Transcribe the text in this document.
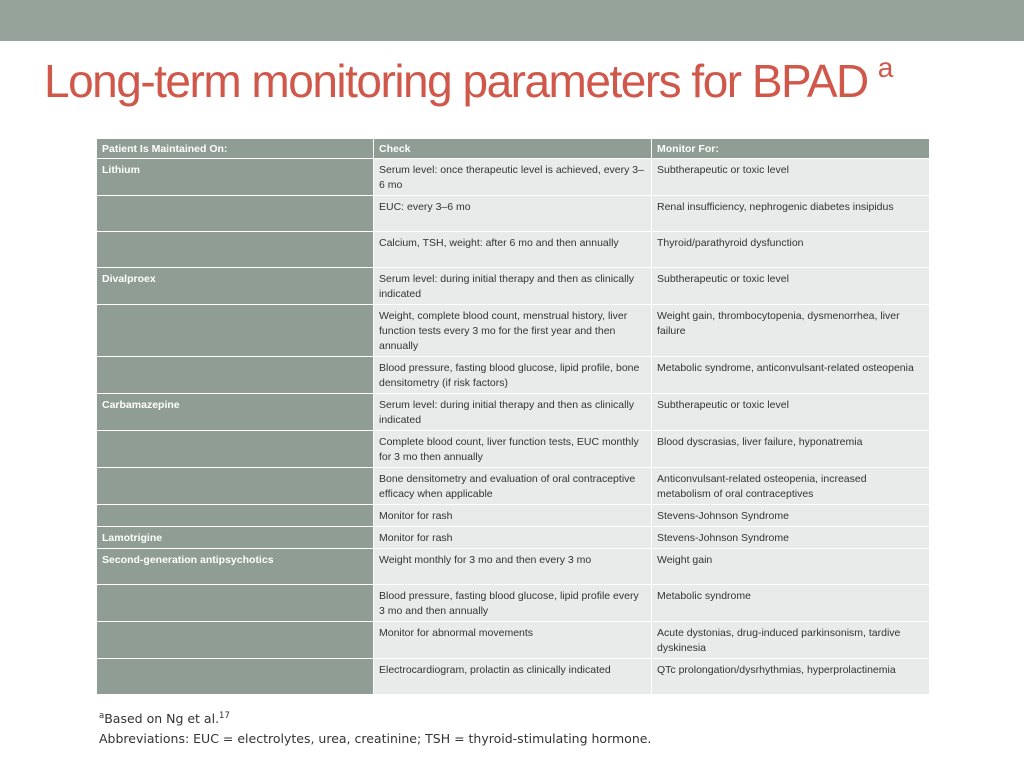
Long-term monitoring parameters for BPAD $^a$
Patient Is Maintained On:	Check	Monitor For:
Lithium	Serum level: once therapeutic level is achieved, every 3–6 mo	Subtherapeutic or toxic level
	EUC: every 3–6 mo	Renal insufficiency, nephrogenic diabetes insipidus
	Calcium, TSH, weight: after 6 mo and then annually	Thyroid/parathyroid dysfunction
Divalproex	Serum level: during initial therapy and then as clinically indicated	Subtherapeutic or toxic level
	Weight, complete blood count, menstrual history, liver function tests every 3 mo for the first year and then annually	Weight gain, thrombocytopenia, dysmenorrhea, liver failure
	Blood pressure, fasting blood glucose, lipid profile, bone densitometry (if risk factors)	Metabolic syndrome, anticonvulsant-related osteopenia
Carbamazepine	Serum level: during initial therapy and then as clinically indicated	Subtherapeutic or toxic level
	Complete blood count, liver function tests, EUC monthly for 3 mo then annually	Blood dyscrasias, liver failure, hyponatremia
	Bone densitometry and evaluation of oral contraceptive efficacy when applicable	Anticonvulsant-related osteopenia, increased metabolism of oral contraceptives
	Monitor for rash	Stevens-Johnson Syndrome
Lamotrigine	Monitor for rash	Stevens-Johnson Syndrome
Second-generation antipsychotics	Weight monthly for 3 mo and then every 3 mo	Weight gain
	Blood pressure, fasting blood glucose, lipid profile every 3 mo and then annually	Metabolic syndrome
	Monitor for abnormal movements	Acute dystonias, drug-induced parkinsonism, tardive dyskinesia
	Electrocardiogram, prolactin as clinically indicated	QTc prolongation/dysrhythmias, hyperprolactinemia
$^a$Based on Ng et al.$^{17}$
Abbreviations: EUC = electrolytes, urea, creatinine; TSH = thyroid-stimulating hormone.
